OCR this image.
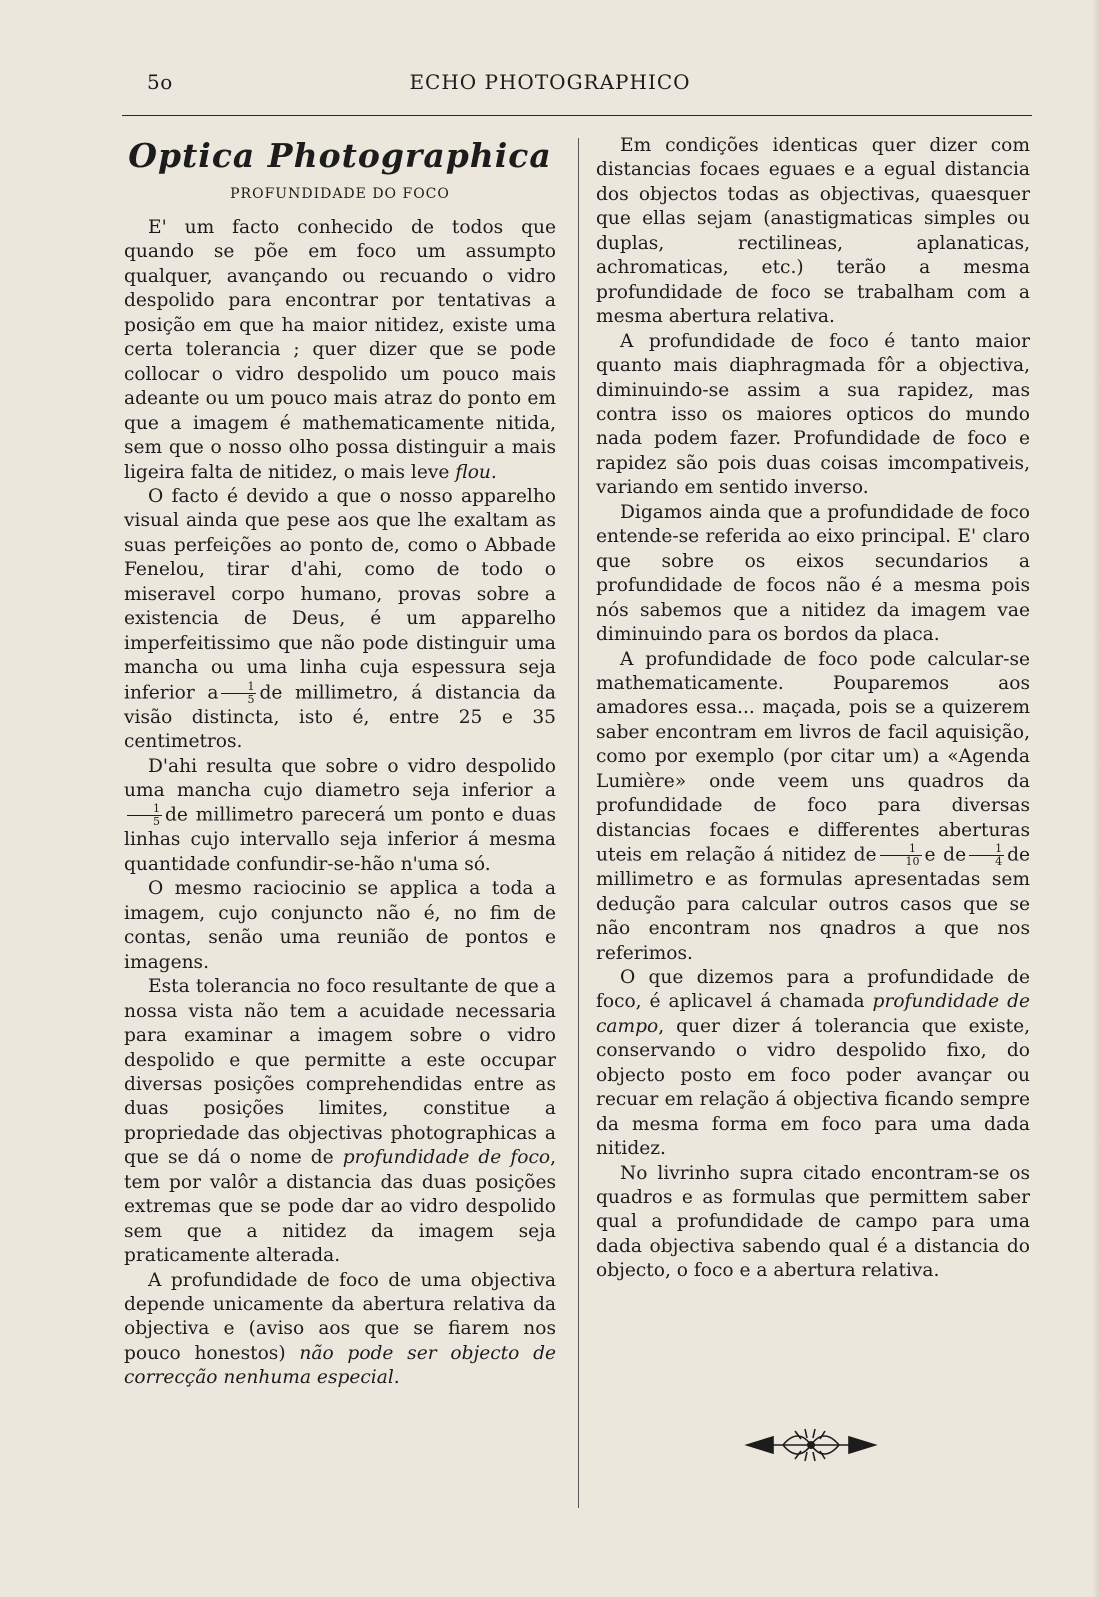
5o	ECHO PHOTOGRAPHICO
Optica Photographica
PROFUNDIDADE DO FOCO

E' um facto conhecido de todos que quando se põe em foco um assumpto qualquer, avançando ou recuando o vidro despolido para encontrar por tentativas a posição em que ha maior nitidez, existe uma certa tolerancia ; quer dizer que se pode collocar o vidro despolido um pouco mais adeante ou um pouco mais atraz do ponto em que a imagem é mathematicamente nitida, sem que o nosso olho possa distinguir a mais ligeira falta de nitidez, o mais leve flou.

O facto é devido a que o nosso apparelho visual ainda que pese aos que lhe exaltam as suas perfeições ao ponto de, como o Abbade Fenelou, tirar d'ahi, como de todo o miseravel corpo humano, provas sobre a existencia de Deus, é um apparelho imperfeitissimo que não pode distinguir uma mancha ou uma linha cuja espessura seja inferior a $\frac{1}{5}$ de millimetro, á distancia da visão distincta, isto é, entre 25 e 35 centimetros.

D'ahi resulta que sobre o vidro despolido uma mancha cujo diametro seja inferior a
$\frac{1}{5}$ de millimetro parecerá um ponto e duas linhas cujo intervallo seja inferior á mesma quantidade confundir-se-hão n'uma só.

O mesmo raciocinio se applica a toda a imagem, cujo conjuncto não é, no fim de contas, senão uma reunião de pontos e imagens.

Esta tolerancia no foco resultante de que a nossa vista não tem a acuidade necessaria para examinar a imagem sobre o vidro despolido e que permitte a este occupar diversas posições comprehendidas entre as duas posições limites, constitue a propriedade das objectivas photographicas a que se dá o nome de profundidade de foco, tem por valôr a distancia das duas posições extremas que se pode dar ao vidro despolido sem que a nitidez da imagem seja praticamente alterada.

A profundidade de foco de uma objectiva depende unicamente da abertura relativa da objectiva e (aviso aos que se fiarem nos pouco honestos) não pode ser objecto de correcção nenhuma especial.

Em condições identicas quer dizer com distancias focaes eguaes e a egual distancia dos objectos todas as objectivas, quaesquer que ellas sejam (anastigmaticas simples ou duplas, rectilineas, aplanaticas, achromaticas, etc.) terão a mesma profundidade de foco se trabalham com a mesma abertura relativa.

A profundidade de foco é tanto maior quanto mais diaphragmada fôr a objectiva, diminuindo-se assim a sua rapidez, mas contra isso os maiores opticos do mundo nada podem fazer. Profundidade de foco e rapidez são pois duas coisas imcompativeis, variando em sentido inverso.

Digamos ainda que a profundidade de foco entende-se referida ao eixo principal. E' claro que sobre os eixos secundarios a profundidade de focos não é a mesma pois nós sabemos que a nitidez da imagem vae diminuindo para os bordos da placa.

A profundidade de foco pode calcular-se mathematicamente. Pouparemos aos amadores essa... maçada, pois se a quizerem saber encontram em livros de facil aquisição, como por exemplo (por citar um) a «Agenda Lumière» onde veem uns quadros da profundidade de foco para diversas distancias focaes e differentes aberturas uteis em relação á nitidez de $\frac{1}{10}$ e de $\frac{1}{4}$ de millimetro e as formulas apresentadas sem dedução para calcular outros casos que se não encontram nos qnadros a que nos referimos.

O que dizemos para a profundidade de foco, é aplicavel á chamada profundidade de campo, quer dizer á tolerancia que existe, conservando o vidro despolido fixo, do objecto posto em foco poder avançar ou recuar em relação á objectiva ficando sempre da mesma forma em foco para uma dada nitidez.

No livrinho supra citado encontram-se os quadros e as formulas que permittem saber qual a profundidade de campo para uma dada objectiva sabendo qual é a distancia do objecto, o foco e a abertura relativa.
